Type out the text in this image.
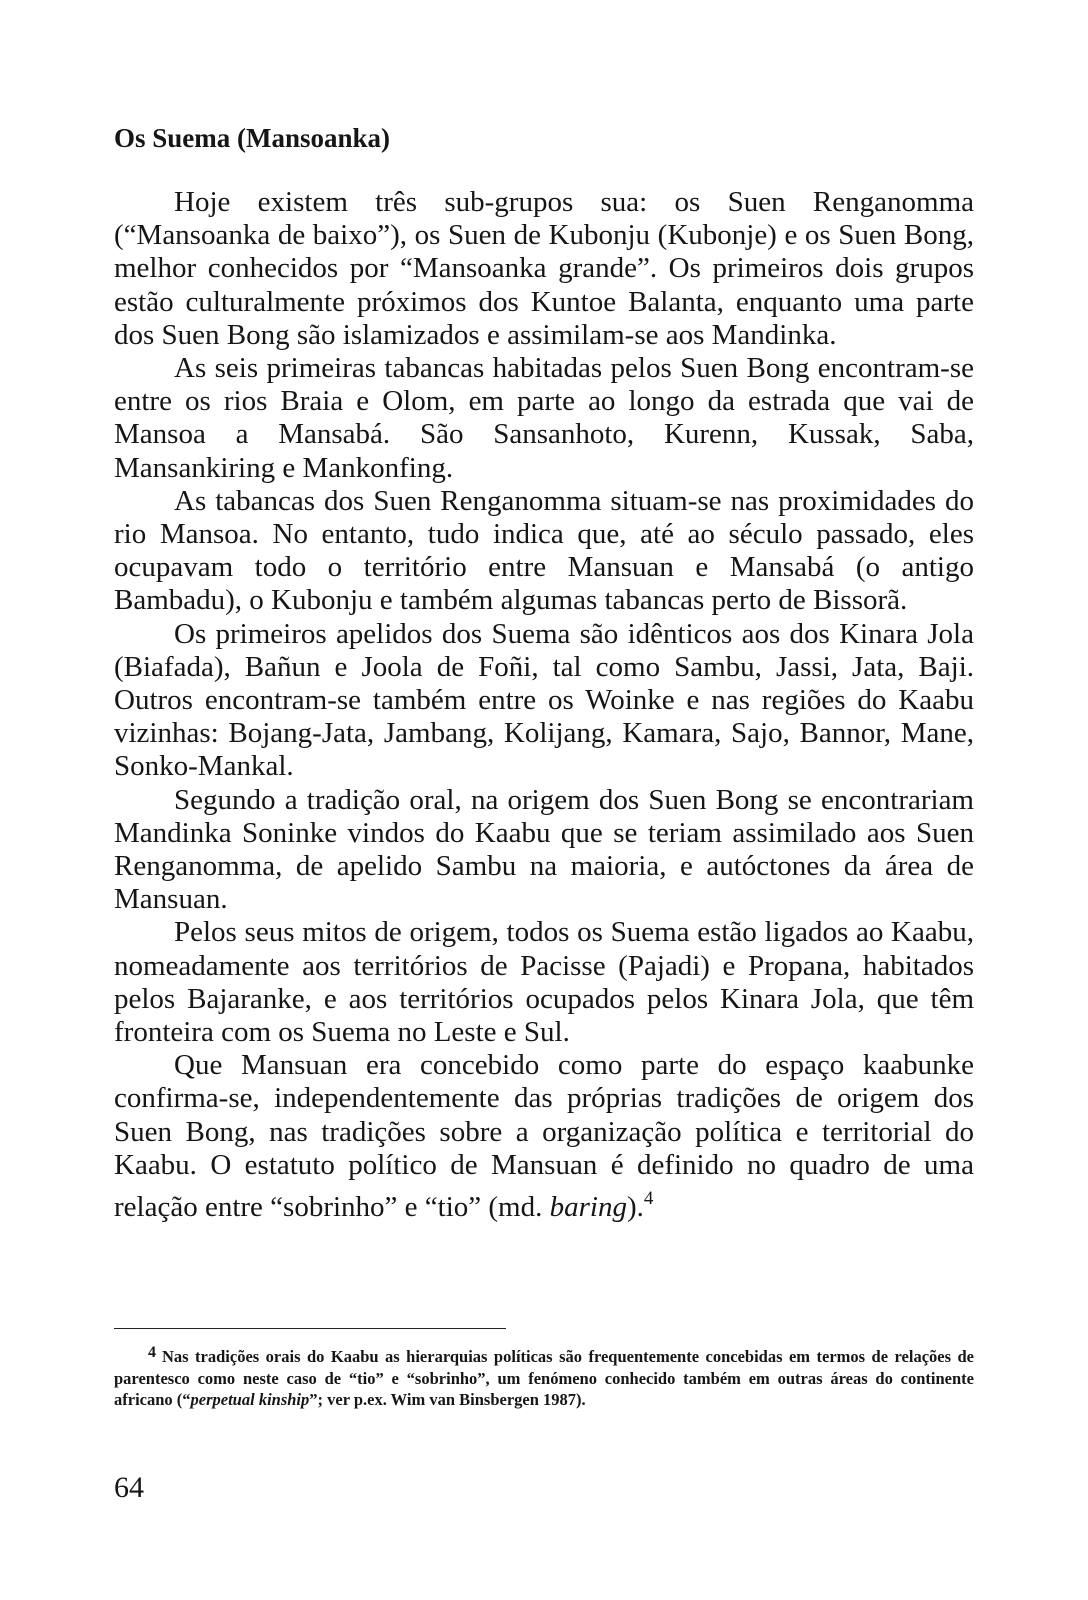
Os Suema (Mansoanka)

Hoje existem três sub-grupos sua: os Suen Renganomma (“Mansoanka de baixo”), os Suen de Kubonju (Kubonje) e os Suen Bong, melhor conhecidos por “Mansoanka grande”. Os primeiros dois grupos estão culturalmente próximos dos Kuntoe Balanta, enquanto uma parte dos Suen Bong são islamizados e assimilam-se aos Mandinka.

As seis primeiras tabancas habitadas pelos Suen Bong encontram-se entre os rios Braia e Olom, em parte ao longo da estrada que vai de Mansoa a Mansabá. São Sansanhoto, Kurenn, Kussak, Saba, Mansankiring e Mankonfing.

As tabancas dos Suen Renganomma situam-se nas proximidades do rio Mansoa. No entanto, tudo indica que, até ao século passado, eles ocupavam todo o território entre Mansuan e Mansabá (o antigo Bambadu), o Kubonju e também algumas tabancas perto de Bissorã.

Os primeiros apelidos dos Suema são idênticos aos dos Kinara Jola (Biafada), Bañun e Joola de Foñi, tal como Sambu, Jassi, Jata, Baji. Outros encontram-se também entre os Woinke e nas regiões do Kaabu vizinhas: Bojang-Jata, Jambang, Kolijang, Kamara, Sajo, Bannor, Mane, Sonko-Mankal.

Segundo a tradição oral, na origem dos Suen Bong se encontrariam Mandinka Soninke vindos do Kaabu que se teriam assimilado aos Suen Renganomma, de apelido Sambu na maioria, e autóctones da área de Mansuan.

Pelos seus mitos de origem, todos os Suema estão ligados ao Kaabu, nomeadamente aos territórios de Pacisse (Pajadi) e Propana, habitados pelos Bajaranke, e aos territórios ocupados pelos Kinara Jola, que têm fronteira com os Suema no Leste e Sul.

Que Mansuan era concebido como parte do espaço kaabunke confirma-se, independentemente das próprias tradições de origem dos Suen Bong, nas tradições sobre a organização política e territorial do Kaabu. O estatuto político de Mansuan é definido no quadro de uma relação entre “sobrinho” e “tio” (md. baring).$^4$

4 Nas tradições orais do Kaabu as hierarquias políticas são frequentemente concebidas em termos de relações de parentesco como neste caso de “tio” e “sobrinho”, um fenómeno conhecido também em outras áreas do continente africano (“perpetual kinship”; ver p.ex. Wim van Binsbergen 1987).

64
